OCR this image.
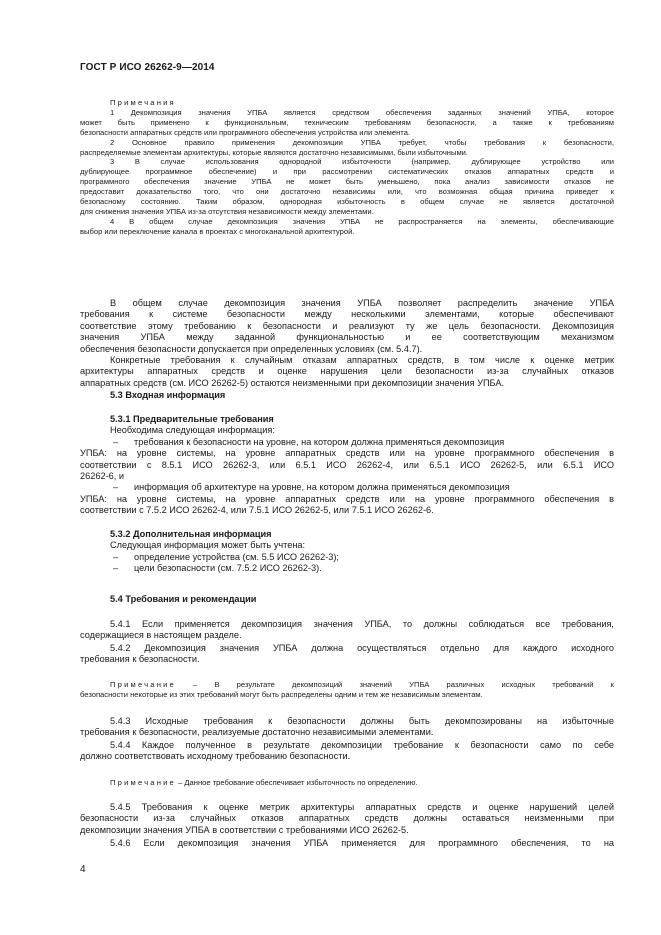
ГОСТ Р ИСО 26262-9—2014
Примечания
1 Декомпозиция значения УПБА является средством обеспечения заданных значений УПБА, которое
может быть применено к функциональным, техническим требованиям безопасности, а также к требованиям
безопасности аппаратных средств или программного обеспечения устройства или элемента.
2 Основное правило применения декомпозиции УПБА требует, чтобы требования к безопасности,
распределяемые элементам архитектуры, которые являются достаточно независимыми, были избыточными.
3 В случае использования однородной избыточности (например, дублирующее устройство или
дублирующее программное обеспечение) и при рассмотрении систематических отказов аппаратных средств и
программного обеспечения значение УПБА не может быть уменьшено, пока анализ зависимости отказов не
предоставит доказательство того, что они достаточно независимы или, что возможная общая причина приведет к
безопасному состоянию. Таким образом, однородная избыточность в общем случае не является достаточной
для снижения значения УПБА из-за отсутствия независимости между элементами.
4 В общем случае декомпозиция значения УПБА не распространяется на элементы, обеспечивающие
выбор или переключение канала в проектах с многоканальной архитектурой.
В общем случае декомпозиция значения УПБА позволяет распределить значение УПБА
требования к системе безопасности между несколькими элементами, которые обеспечивают
соответствие этому требованию к безопасности и реализуют ту же цель безопасности. Декомпозиция
значения УПБА между заданной функциональностью и ее соответствующим механизмом
обеспечения безопасности допускается при определенных условиях (см. 5.4.7).
Конкретные требования к случайным отказам аппаратных средств, в том числе к оценке метрик
архитектуры аппаратных средств и оценке нарушения цели безопасности из-за случайных отказов
аппаратных средств (см. ИСО 26262-5) остаются неизменными при декомпозиции значения УПБА.
5.3 Входная информация
5.3.1 Предварительные требования
Необходима следующая информация:
– требования к безопасности на уровне, на котором должна применяться декомпозиция
УПБА: на уровне системы, на уровне аппаратных средств или на уровне программного обеспечения в
соответствии с 8.5.1 ИСО 26262-3, или 6.5.1 ИСО 26262-4, или 6.5.1 ИСО 26262-5, или 6.5.1 ИСО
26262-6, и
– информация об архитектуре на уровне, на котором должна применяться декомпозиция
УПБА: на уровне системы, на уровне аппаратных средств или на уровне программного обеспечения в
соответствии с 7.5.2 ИСО 26262-4, или 7.5.1 ИСО 26262-5, или 7.5.1 ИСО 26262-6.
5.3.2 Дополнительная информация
Следующая информация может быть учтена:
– определение устройства (см. 5.5 ИСО 26262-3);
– цели безопасности (см. 7.5.2 ИСО 26262-3).
5.4 Требования и рекомендации
5.4.1 Если применяется декомпозиция значения УПБА, то должны соблюдаться все требования,
содержащиеся в настоящем разделе.
5.4.2 Декомпозиция значения УПБА должна осуществляться отдельно для каждого исходного
требования к безопасности.
Примечание – В результате декомпозиций значений УПБА различных исходных требований к
безопасности некоторые из этих требований могут быть распределены одним и тем же независимым элементам.
5.4.3 Исходные требования к безопасности должны быть декомпозированы на избыточные
требования к безопасности, реализуемые достаточно независимыми элементами.
5.4.4 Каждое полученное в результате декомпозиции требование к безопасности само по себе
должно соответствовать исходному требованию безопасности.
Примечание – Данное требование обеспечивает избыточность по определению.
5.4.5 Требования к оценке метрик архитектуры аппаратных средств и оценке нарушений целей
безопасности из-за случайных отказов аппаратных средств должны оставаться неизменными при
декомпозиции значения УПБА в соответствии с требованиями ИСО 26262-5.
5.4.6 Если декомпозиция значения УПБА применяется для программного обеспечения, то на
4
